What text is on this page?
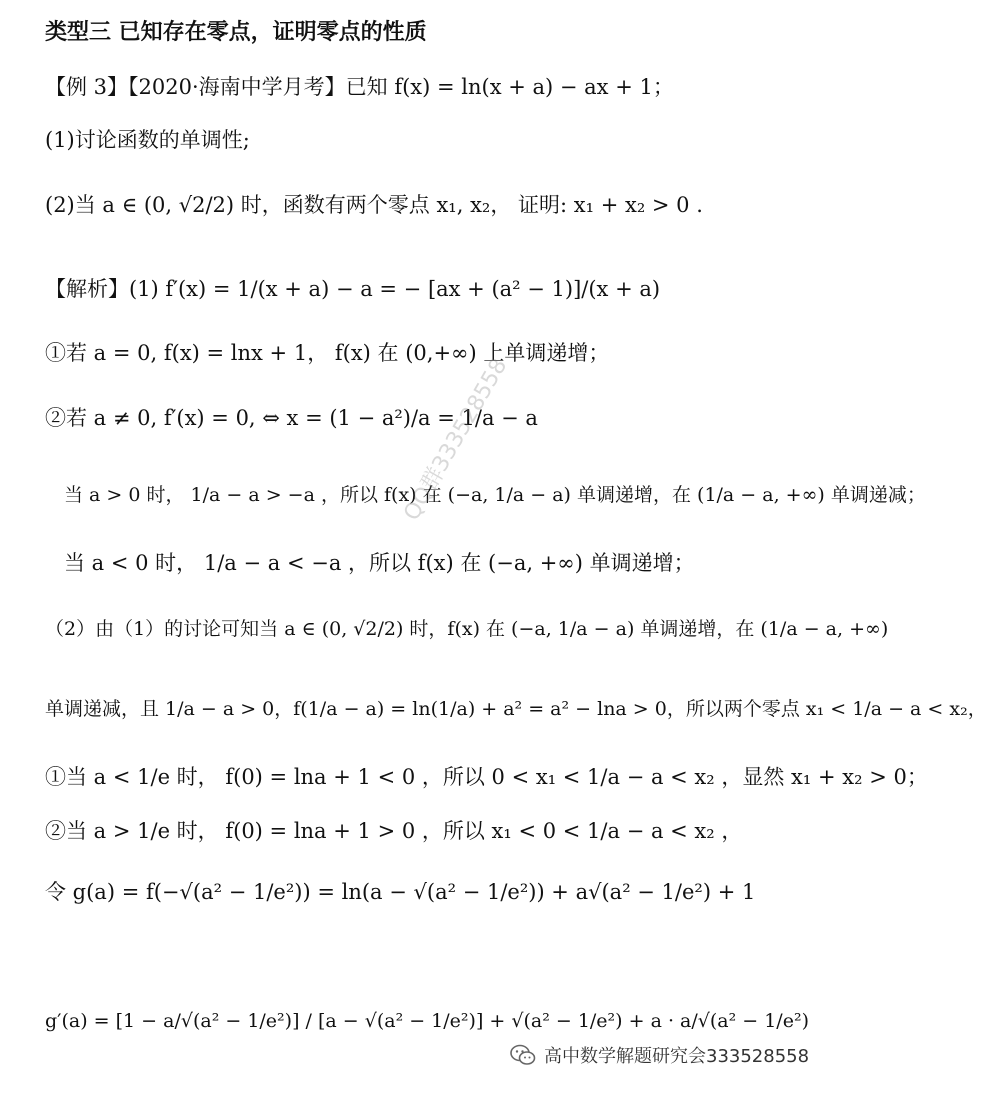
类型三 已知存在零点，证明零点的性质
【例 3】【2020·海南中学月考】已知 f(x) = ln(x + a) − ax + 1；
(1)讨论函数的单调性;
(2)当 a ∈ (0, √2/2) 时，函数有两个零点 x₁, x₂， 证明: x₁ + x₂ > 0 .
【解析】(1) f′(x) = 1/(x + a) − a = − [ax + (a² − 1)]/(x + a)
①若 a = 0, f(x) = lnx + 1， f(x) 在 (0,+∞) 上单调递增；
②若 a ≠ 0, f′(x) = 0, ⇔ x = (1 − a²)/a = 1/a − a
当 a > 0 时， 1/a − a > −a ，所以 f(x) 在 (−a, 1/a − a) 单调递增，在 (1/a − a, +∞) 单调递减；
当 a < 0 时， 1/a − a < −a ，所以 f(x) 在 (−a, +∞) 单调递增；
（2）由（1）的讨论可知当 a ∈ (0, √2/2) 时，f(x) 在 (−a, 1/a − a) 单调递增，在 (1/a − a, +∞)
单调递减，且 1/a − a > 0，f(1/a − a) = ln(1/a) + a² = a² − lna > 0，所以两个零点 x₁ < 1/a − a < x₂，
①当 a < 1/e 时， f(0) = lna + 1 < 0 ，所以 0 < x₁ < 1/a − a < x₂ ，显然 x₁ + x₂ > 0；
②当 a > 1/e 时， f(0) = lna + 1 > 0 ，所以 x₁ < 0 < 1/a − a < x₂ ，
令 g(a) = f(−√(a² − 1/e²)) = ln(a − √(a² − 1/e²)) + a√(a² − 1/e²) + 1
g′(a) = [1 − a/√(a² − 1/e²)] / [a − √(a² − 1/e²)] + √(a² − 1/e²) + a · a/√(a² − 1/e²)
QQ群333528558
高中数学解题研究会333528558
